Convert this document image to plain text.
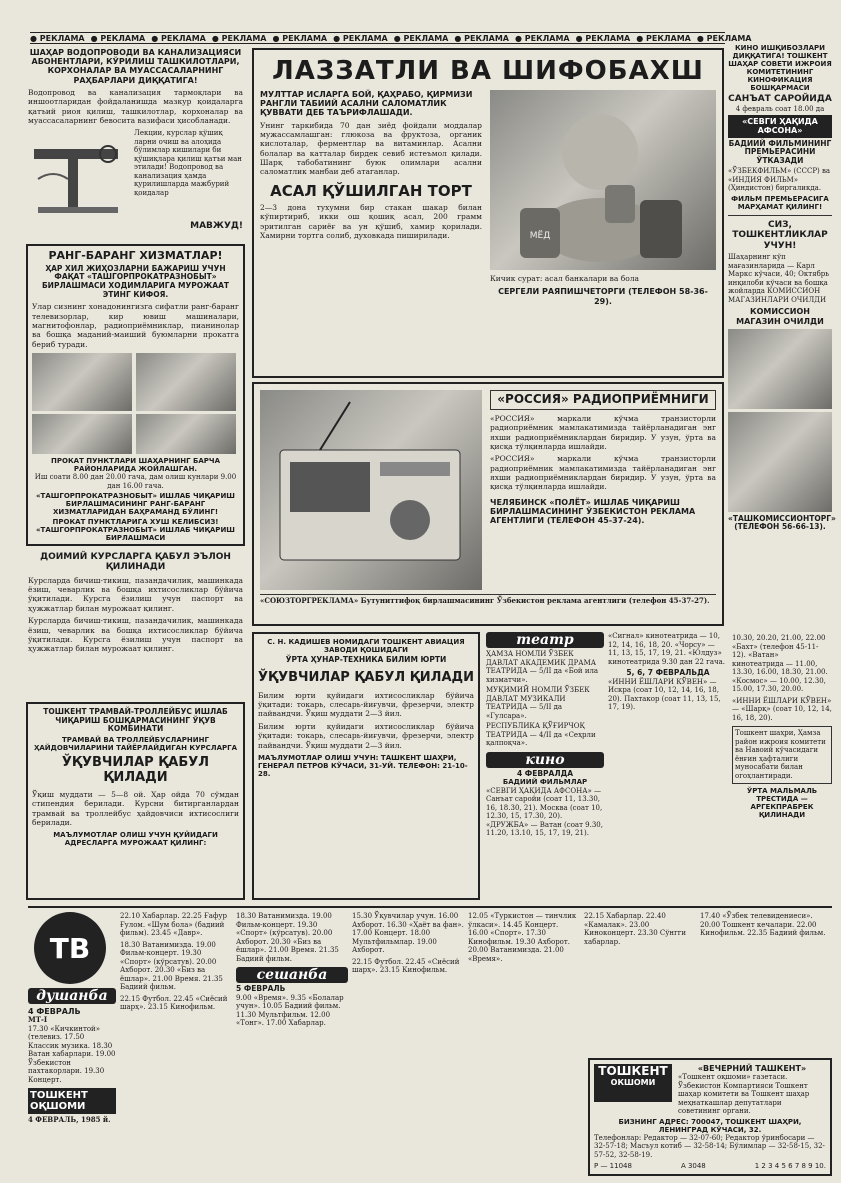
● РЕКЛАМА ● РЕКЛАМА ● РЕКЛАМА ● РЕКЛАМА ● РЕКЛАМА ● РЕКЛАМА ● РЕКЛАМА ● РЕКЛАМА ● РЕКЛАМА ● РЕКЛАМА ● РЕКЛАМА ● РЕКЛАМА
ШАҲАР ВОДОПРОВОДИ ВА КАНАЛИЗАЦИЯСИ АБОНЕНТЛАРИ, КЎРИЛИШ ТАШКИЛОТЛАРИ, КОРХОНАЛАР ВА МУАССАСАЛАРНИНГ РАҲБАРЛАРИ ДИҚҚАТИГА!
Водопровод ва канализация тармоқлари ва иншоотларидан фойдаланишда мазкур қоидаларга қатъий риоя қилиш, ташкилотлар, корхоналар ва муассасаларнинг бевосита вазифаси ҳисобланади.
Лекции, курслар қўшиқ ларни очиш ва алоҳида бўлимлар кишилари би қўшиқлара қилиш қатъи ман этилади! Водопровод ва канализация ҳамда қурилишларда мажбурий қоидалар
МАВЖУД!
РАНГ-БАРАНГ ХИЗМАТЛАР!
ҲАР ХИЛ ЖИҲОЗЛАРНИ БАЖАРИШ УЧУН ФАҚАТ «ТАШГОРПРОКАТРАЗНОБЫТ» БИРЛАШМАСИ ХОДИМЛАРИГА МУРОЖААТ ЭТИНГ КИФОЯ.
Улар сизнинг хонадонингизга сифатли ранг-баранг телевизорлар, кир ювиш машиналари, магнитофонлар, радиоприёмниклар, пианинолар ва бошқа маданий-маиший буюмларни прокатга бериб туради.
ПРОКАТ ПУНКТЛАРИ ШАҲАРНИНГ БАРЧА РАЙОНЛАРИДА ЖОЙЛАШГАН.
Иш соати 8.00 дан 20.00 гача, дам олиш кунлари 9.00 дан 16.00 гача.
«ТАШГОРПРОКАТРАЗНОБЫТ» ИШЛАБ ЧИҚАРИШ БИРЛАШМАСИНИНГ РАНГ-БАРАНГ ХИЗМАТЛАРИДАН БАҲРАМАНД БЎЛИНГ!
ПРОКАТ ПУНКТЛАРИГА ХУШ КЕЛИБСИЗ! «ТАШГОРПРОКАТРАЗНОБЫТ» ИШЛАБ ЧИҚАРИШ БИРЛАШМАСИ
ДОИМИЙ КУРСЛАРГА ҚАБУЛ ЭЪЛОН ҚИЛИНАДИ
Курсларда бичиш-тикиш, пазандачилик, машинкада ёзиш, чеварлик ва бошқа ихтисосликлар бўйича ўқитилади. Курсга ёзилиш учун паспорт ва ҳужжатлар билан мурожаат қилинг.
Курсларда бичиш-тикиш, пазандачилик, машинкада ёзиш, чеварлик ва бошқа ихтисосликлар бўйича ўқитилади. Курсга ёзилиш учун паспорт ва ҳужжатлар билан мурожаат қилинг.
ТОШКЕНТ ТРАМВАЙ-ТРОЛЛЕЙБУС ИШЛАБ ЧИҚАРИШ БОШҚАРМАСИНИНГ ЎҚУВ КОМБИНАТИ
ТРАМВАЙ ВА ТРОЛЛЕЙБУСЛАРНИНГ ҲАЙДОВЧИЛАРИНИ ТАЙЁРЛАЙДИГАН КУРСЛАРГА
ЎҚУВЧИЛАР ҚАБУЛ ҚИЛАДИ
Ўқиш муддати — 5—8 ой. Ҳар ойда 70 сўмдан стипендия берилади. Курсни битирганлардан трамвай ва троллейбус ҳайдовчиси ихтисослиги берилади.
МАЪЛУМОТЛАР ОЛИШ УЧУН ҚУЙИДАГИ АДРЕСЛАРГА МУРОЖААТ ҚИЛИНГ:
ЛАЗЗАТЛИ ВА ШИФОБАХШ
МУЛТТАР ИСЛАРГА БОЙ, ҚАҲРАБО, ҚИРМИЗИ РАНГЛИ ТАБИИЙ АСАЛНИ САЛОМАТЛИК ҚУВВАТИ ДЕБ ТАЪРИФЛАШАДИ.
Унинг таркибида 70 дан зиёд фойдали моддалар мужассамлашган: глюкоза ва фруктоза, органик кислоталар, ферментлар ва витаминлар. Асални болалар ва катталар бирдек севиб истеъмол қилади. Шарқ табобатининг буюк олимлари асални саломатлик манбаи деб атаганлар.
АСАЛ ҚЎШИЛГАН ТОРТ
2—3 дона тухумни бир стакан шакар билан кўпиртириб, икки ош қошиқ асал, 200 грамм эритилган сариёғ ва ун қўшиб, хамир қорилади. Хамирни тортга солиб, духовкада пиширилади.	МЁД
Кичик сурат: асал банкалари ва бола
СЕРГЕЛИ РАЯПИШЧЕТОРГИ (ТЕЛЕФОН 58-36-29).
«РОССИЯ» РАДИОПРИЁМНИГИ
«РОССИЯ» маркали кўчма транзисторли радиоприёмник мамлакатимизда тайёрланадиган энг яхши радиоприёмниклардан биридир. У узун, ўрта ва қисқа тўлқинларда ишлайди.
«РОССИЯ» маркали кўчма транзисторли радиоприёмник мамлакатимизда тайёрланадиган энг яхши радиоприёмниклардан биридир. У узун, ўрта ва қисқа тўлқинларда ишлайди.
ЧЕЛЯБИНСК «ПОЛЁТ» ИШЛАБ ЧИҚАРИШ БИРЛАШМАСИНИНГ ЎЗБЕКИСТОН РЕКЛАМА АГЕНТЛИГИ (ТЕЛЕФОН 45-37-24).
«СОЮЗТОРГРЕКЛАМА» Бутуниттифоқ бирлашмасининг Ўзбекистон реклама агентлиги (телефон 45-37-27).
КИНО ИШҚИБОЗЛАРИ ДИҚҚАТИГА! ТОШКЕНТ ШАҲАР СОВЕТИ ИЖРОИЯ КОМИТЕТИНИНГ КИНОФИКАЦИЯ БОШҚАРМАСИ
САНЪАТ САРОЙИДА
4 февраль соат 18.00 да
«СЕВГИ ҲАҚИДА АФСОНА»
БАДИИЙ ФИЛЬМИНИНГ ПРЕМЬЕРАСИНИ ЎТКАЗАДИ
«ЎЗБЕКФИЛЬМ» (СССР) ва «ИНДИЯ ФИЛЬМ» (Ҳиндистон) биргаликда.
ФИЛЬМ ПРЕМЬЕРАСИГА МАРҲАМАТ ҚИЛИНГ!
СИЗ, ТОШКЕНТЛИКЛАР УЧУН!
Шаҳарнинг кўп мағазинларида — Карл Маркс кўчаси, 40; Октябрь инқилоби кўчаси ва бошқа жойларда КОМИССИОН МАГАЗИНЛАРИ ОЧИЛДИ
КОМИССИОН МАГАЗИН ОЧИЛДИ
«ТАШКОМИССИОНТОРГ» (ТЕЛЕФОН 56-66-13).
С. Н. КАДИШЕВ НОМИДАГИ ТОШКЕНТ АВИАЦИЯ ЗАВОДИ ҚОШИДАГИ
ЎРТА ҲУНАР-ТЕХНИКА БИЛИМ ЮРТИ
ЎҚУВЧИЛАР ҚАБУЛ ҚИЛАДИ
Билим юрти қуйидаги ихтисосликлар бўйича ўқитади: токарь, слесарь-йиғувчи, фрезерчи, электр пайвандчи. Ўқиш муддати 2—3 йил.
Билим юрти қуйидаги ихтисосликлар бўйича ўқитади: токарь, слесарь-йиғувчи, фрезерчи, электр пайвандчи. Ўқиш муддати 2—3 йил.
МАЪЛУМОТЛАР ОЛИШ УЧУН: ТАШКЕНТ ШАҲРИ, ГЕНЕРАЛ ПЕТРОВ КЎЧАСИ, 31-УЙ. ТЕЛЕФОН: 21-10-28.
театр
ҲАМЗА НОМЛИ ЎЗБЕК ДАВЛАТ АКАДЕМИК ДРАМА ТЕАТРИДА — 5/II да «Бой ила хизматчи».
МУҚИМИЙ НОМЛИ ЎЗБЕК ДАВЛАТ МУЗИКАЛИ ТЕАТРИДА — 5/II да «Гулсара».
РЕСПУБЛИКА ҚЎҒИРЧОҚ ТЕАТРИДА — 4/II да «Сеҳрли қалпоқча».
кино
4 ФЕВРАЛДА
БАДИИЙ ФИЛЬМЛАР
«СЕВГИ ҲАҚИДА АФСОНА» — Санъат саройи (соат 11, 13.30, 16, 18.30, 21). Москва (соат 10, 12.30, 15, 17.30, 20).
«ДРУЖБА» — Ватан (соат 9.30, 11.20, 13.10, 15, 17, 19, 21).
«Сигнал» кинотеатрида — 10, 12, 14, 16, 18, 20. «Чорсу» — 11, 13, 15, 17, 19, 21. «Юлдуз» кинотеатрида 9.30 дан 22 гача.
5, 6, 7 ФЕВРАЛЬДА
«ИННИ ЁШЛАРИ КЎВЕН» — Искра (соат 10, 12, 14, 16, 18, 20). Пахтакор (соат 11, 13, 15, 17, 19).
10.30, 20.20, 21.00, 22.00 «Бахт» (телефон 45-11-12). «Ватан» кинотеатрида — 11.00, 13.30, 16.00, 18.30, 21.00. «Космос» — 10.00, 12.30, 15.00, 17.30, 20.00.
«ИННИ ЁШЛАРИ КЎВЕН» — «Шарқ» (соат 10, 12, 14, 16, 18, 20).
Тошкент шаҳри, Ҳамза район ижроия комитети ва Навоий кўчасидаги ёнғин ҳафталиги муносабати билан огоҳлантиради.
ЎРТА МАЛЬМАЛЬ ТРЕСТИДА — АРГЕКПРАБРЕК ҚИЛИНАДИ
ТВ
душанба
4 ФЕВРАЛЬ
МТ-І
17.30 «Кичкинтой» (телевиз. 17.50 Классик музика. 18.30 Ватан хабарлари. 19.00 Ўзбекистон пахтакорлари. 19.30 Концерт.
ТОШКЕНТ ОҚШОМИ
4 ФЕВРАЛЬ, 1985 й.
22.10 Хабарлар. 22.25 Ғафур Ғулом. «Шум бола» (бадиий фильм). 23.45 «Давр».
18.30 Ватанимизда. 19.00 Фильм-концерт. 19.30 «Спорт» (кўрсатув). 20.00 Ахборот. 20.30 «Биз ва ёшлар». 21.00 Время. 21.35 Бадиий фильм.
22.15 Футбол. 22.45 «Сиёсий шарҳ». 23.15 Кинофильм.
18.30 Ватанимизда. 19.00 Фильм-концерт. 19.30 «Спорт» (кўрсатув). 20.00 Ахборот. 20.30 «Биз ва ёшлар». 21.00 Время. 21.35 Бадиий фильм.
сешанба
5 ФЕВРАЛЬ
9.00 «Время». 9.35 «Болалар учун». 10.05 Бадиий фильм. 11.30 Мультфильм. 12.00 «Тонг». 17.00 Хабарлар.
15.30 Ўқувчилар учун. 16.00 Ахборот. 16.30 «Ҳаёт ва фан». 17.00 Концерт. 18.00 Мультфильмлар. 19.00 Ахборот.
22.15 Футбол. 22.45 «Сиёсий шарҳ». 23.15 Кинофильм.
12.05 «Туркистон — тинчлик ўлкаси». 14.45 Концерт. 16.00 «Спорт». 17.30 Кинофильм. 19.30 Ахборот. 20.00 Ватанимизда. 21.00 «Время».
22.15 Хабарлар. 22.40 «Камалак». 23.00 Киноконцерт. 23.30 Сўнгги хабарлар.
17.40 «Ўзбек телевидениеси». 20.00 Тошкент кечалари. 22.00 Кинофильм. 22.35 Бадиий фильм.
ТОШКЕНТ
ОКШОМИ
«ВЕЧЕРНИЙ ТАШКЕНТ»
«Тошкент оқшоми» газетаси. Ўзбекистон Компартияси Тошкент шаҳар комитети ва Тошкент шаҳар меҳнаткашлар депутатлари советининг органи.
БИЗНИНГ АДРЕС: 700047, ТОШКЕНТ ШАҲРИ, ЛЕНИНГРАД КЎЧАСИ, 32.
Телефонлар: Редактор — 32-07-60; Редактор ўринбосари — 32-57-18; Масъул котиб — 32-58-14; Бўлимлар — 32-58-15, 32-57-52, 32-58-19.
Р — 11048	А 3048	1 2 3 4 5 6 7 8 9 10.
